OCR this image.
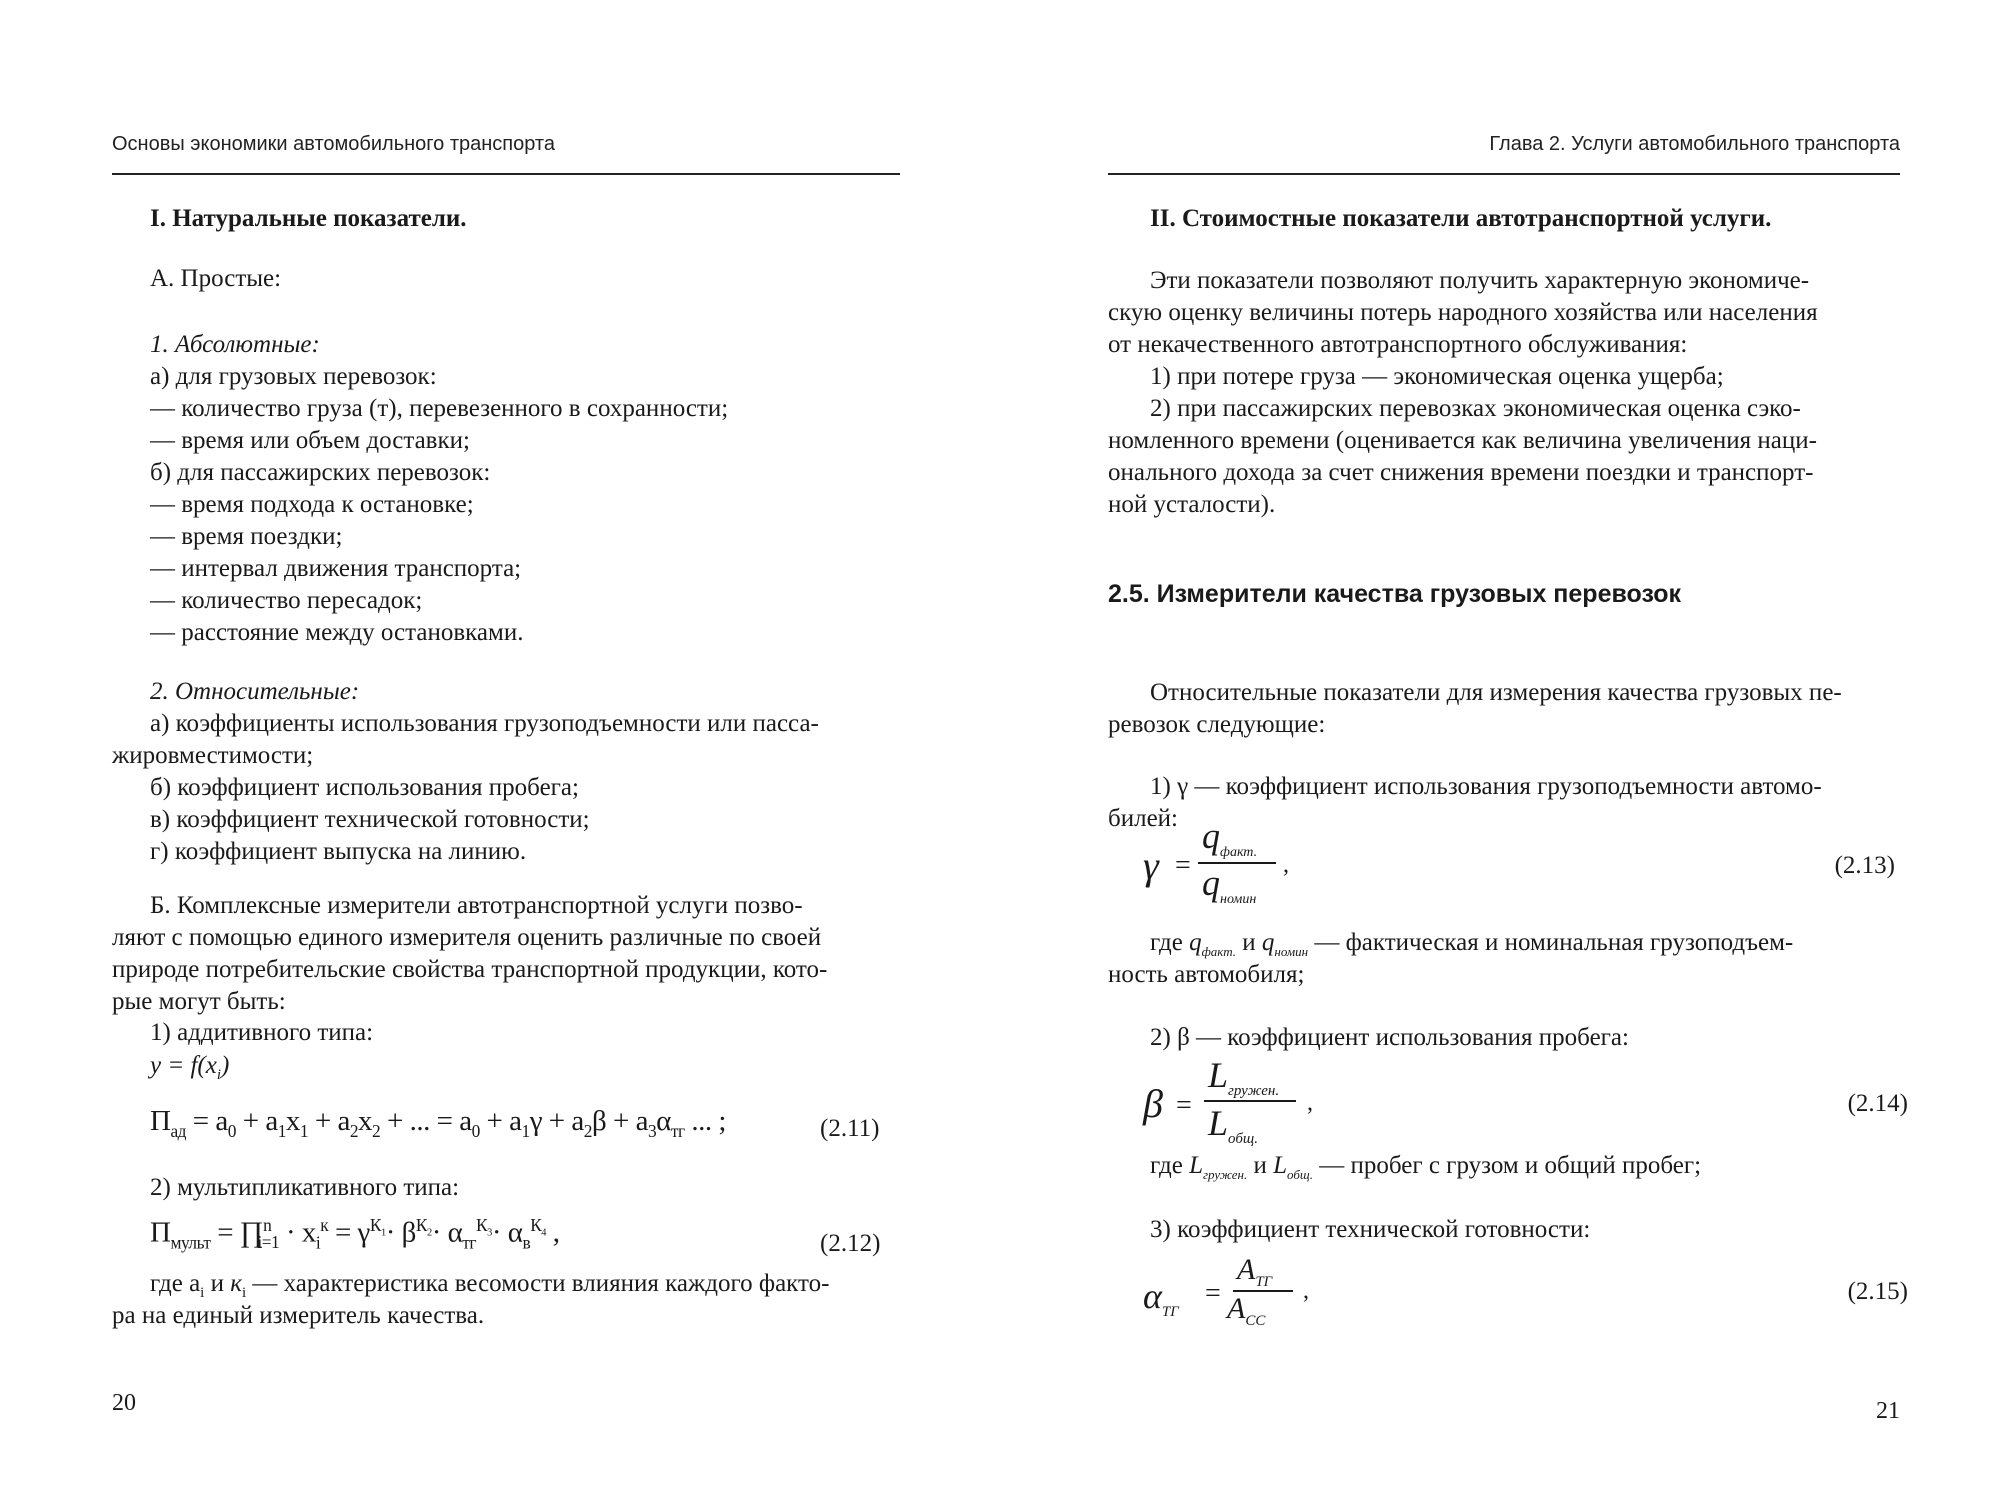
Основы экономики автомобильного транспорта
I. Натуральные показатели.
А. Простые:
1. Абсолютные:
а) для грузовых перевозок:
— количество груза (т), перевезенного в сохранности;
— время или объем доставки;
б) для пассажирских перевозок:
— время подхода к остановке;
— время поездки;
— интервал движения транспорта;
— количество пересадок;
— расстояние между остановками.
2. Относительные:
а) коэффициенты использования грузоподъемности или пасса-
жировместимости;
б) коэффициент использования пробега;
в) коэффициент технической готовности;
г) коэффициент выпуска на линию.
Б. Комплексные измерители автотранспортной услуги позво-
ляют с помощью единого измерителя оценить различные по своей
природе потребительские свойства транспортной продукции, кото-
рые могут быть:
1) аддитивного типа:
$y = f(x_i)$
$П_{ад} = a_0 + a_1x_1 + a_2x_2$ + ... = $a_0 + a_1\gamma + a_2\beta + a_3\alpha_{тг}$ ... ;	(2.11)
2) мультипликативного типа:
$П_{мульт}$ = ∏$^n_{i=1}$ · $x_i^к = \gamma^{К_1}\cdot \beta^{К_2}\cdot \alpha_{тг}^{К_3}\cdot \alpha_в^{К_4}$ ,	(2.12)
где $a_i$ и $к_i$ — характеристика весомости влияния каждого факто-
ра на единый измеритель качества.
20
Глава 2. Услуги автомобильного транспорта
II. Стоимостные показатели автотранспортной услуги.
Эти показатели позволяют получить характерную экономиче-
скую оценку величины потерь народного хозяйства или населения
от некачественного автотранспортного обслуживания:
1) при потере груза — экономическая оценка ущерба;
2) при пассажирских перевозках экономическая оценка сэко-
номленного времени (оценивается как величина увеличения наци-
онального дохода за счет снижения времени поездки и транспорт-
ной усталости).
2.5. Измерители качества грузовых перевозок
Относительные показатели для измерения качества грузовых пе-
ревозок следующие:
1) γ — коэффициент использования грузоподъемности автомо-
билей:
γ =
$q_{факт.}$
$q_{номин}$
,	(2.13)
где $q_{факт.}$ и $q_{номин}$ — фактическая и номинальная грузоподъем-
ность автомобиля;
2) β — коэффициент использования пробега:
β =
$L_{гружен.}$
$L_{общ.}$
,	(2.14)
где $L_{гружен.}$ и $L_{общ.}$ — пробег с грузом и общий пробег;
3) коэффициент технической готовности:
$\alpha_{ТГ}$
=
$A_{ТГ}$
$A_{СС}$
,	(2.15)
21
